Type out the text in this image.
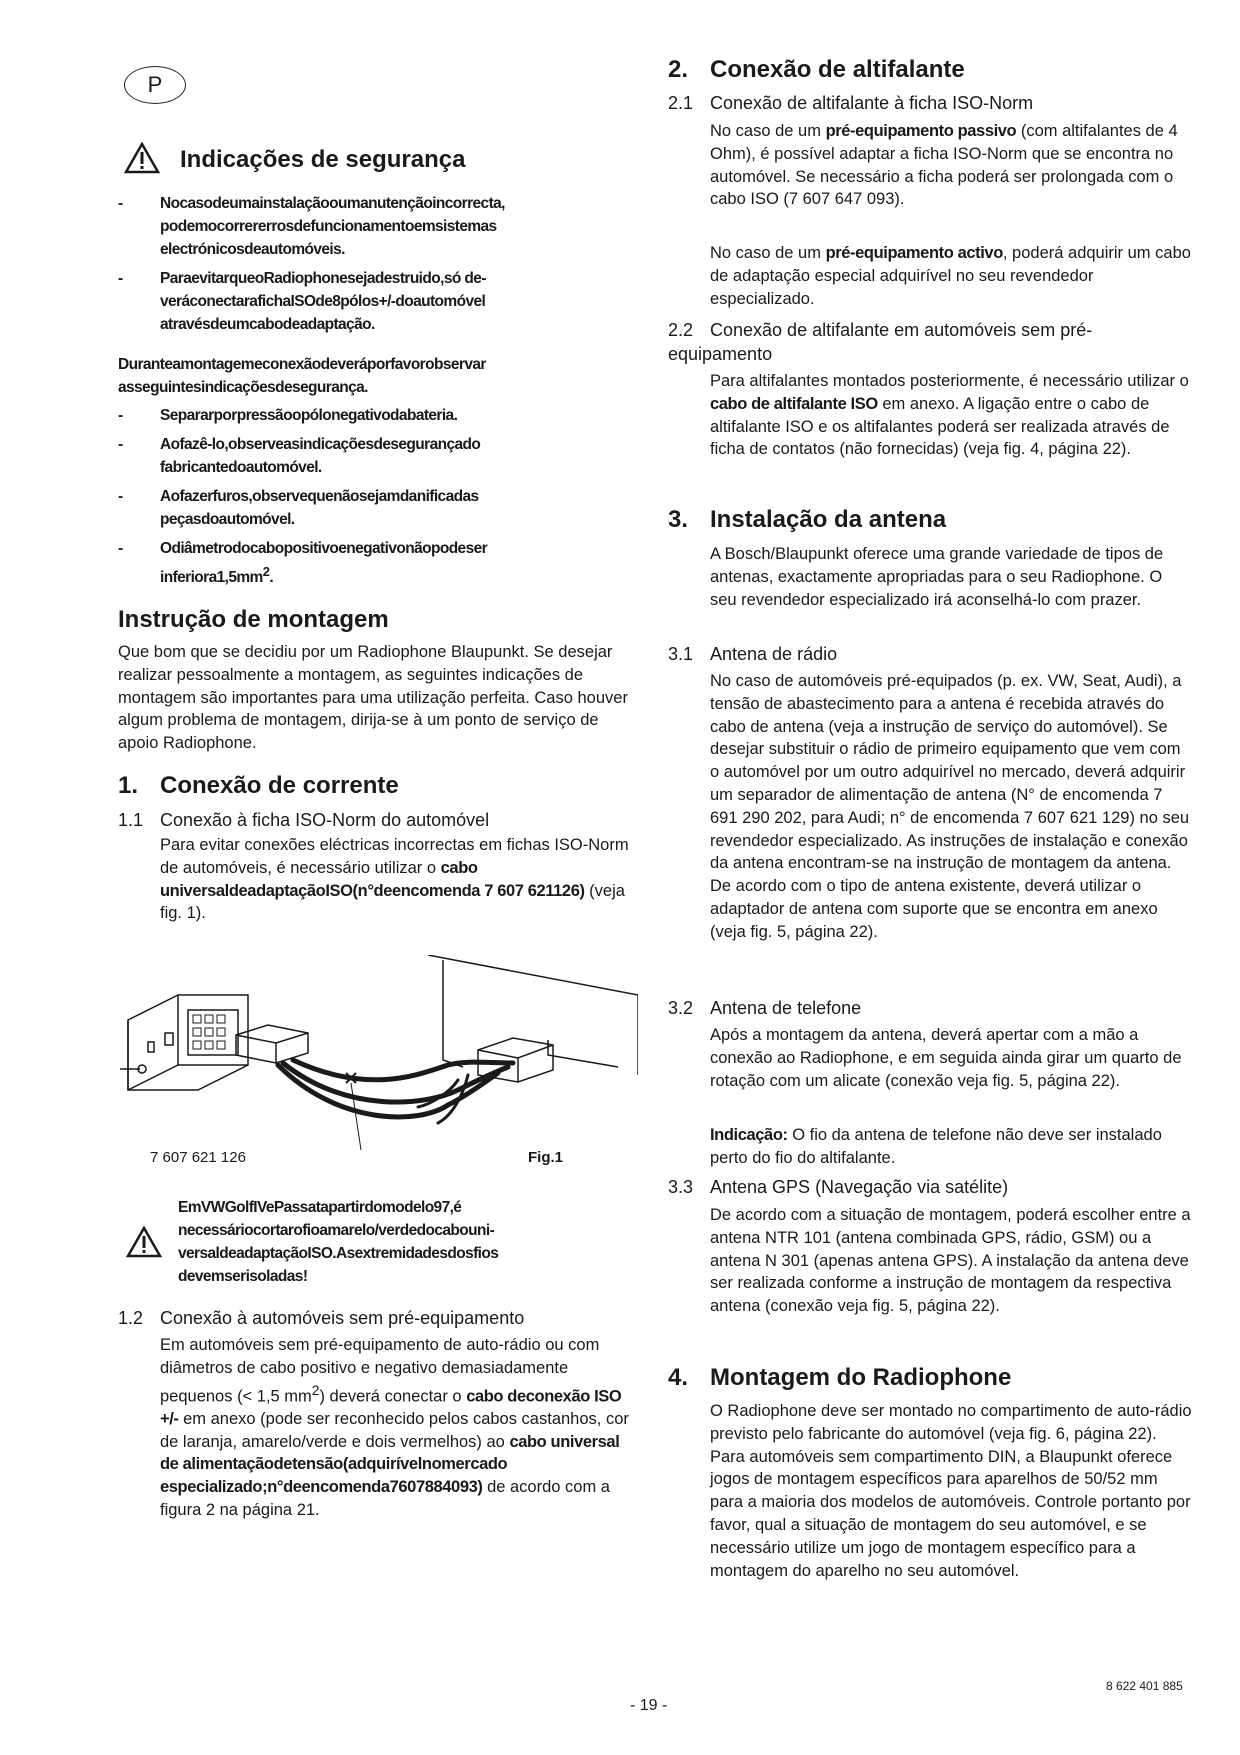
P
Indicações de segurança
- Nocasodeumainstalaçãooumanutençãoincorrecta, podemocorrererrosdefuncionamentoemsistemas electrónicosdeautomóveis.
- ParaevitarqueoRadiophonesejadestruido,só de- veráconectarafichaISOde8pólos+/-doautomóvel atravésdeumcabodeadaptação.
Duranteamontagemeconexãodeveráporfavorobservar asseguintesindicaçõesdesegurança.
- Separarporpressãoopólonegativodabateria.
- Aofazê-lo,observeasindicaçõesdesegurançado fabricantedoautomóvel.
- Aofazerfuros,observequenãosejamdanificadas peçasdoautomóvel.
- Odiâmetrodocabopositivoenegativonãopodeser $inferiora1,5mm^2$.
Instrução de montagem
Que bom que se decidiu por um Radiophone Blaupunkt. Se desejar realizar pessoalmente a montagem, as seguintes indicações de montagem são importantes para uma utilização perfeita. Caso houver algum problema de montagem, dirija-se à um ponto de serviço de apoio Radiophone.
1. Conexão de corrente
1.1 Conexão à ficha ISO-Norm do automóvel
Para evitar conexões eléctricas incorrectas em fichas ISO-Norm de automóveis, é necessário utilizar o cabo universaldeadaptaçãoISO(n°deencomenda 7 607 621126) (veja fig. 1).
7 607 621 126	Fig.1
EmVWGolfIVePassatapartirdomodelo97,é necessáriocortarofioamarelo/verdedocabouni- versaldeadaptaçãoISO.Asextremidadesdosfios devemserisoladas!
1.2 Conexão à automóveis sem pré-equipamento
Em automóveis sem pré-equipamento de auto-rádio ou com diâmetros de cabo positivo e negativo demasiadamente pequenos (< 1,5 $mm^2$) deverá conectar o cabo deconexão ISO +/- em anexo (pode ser reconhecido pelos cabos castanhos, cor de laranja, amarelo/verde e dois vermelhos) ao cabo universal de alimentaçãodetensão(adquirívelnomercado especializado;n°deencomenda7607884093) de acordo com a figura 2 na página 21.
2. Conexão de altifalante
2.1 Conexão de altifalante à ficha ISO-Norm
No caso de um pré-equipamento passivo (com altifalantes de 4 Ohm), é possível adaptar a ficha ISO-Norm que se encontra no automóvel. Se necessário a ficha poderá ser prolongada com o cabo ISO (7 607 647 093).
No caso de um pré-equipamento activo, poderá adquirir um cabo de adaptação especial adquirível no seu revendedor especializado.
2.2 Conexão de altifalante em automóveis sem pré-equipamento
Para altifalantes montados posteriormente, é necessário utilizar o cabo de altifalante ISO em anexo. A ligação entre o cabo de altifalante ISO e os altifalantes poderá ser realizada através de ficha de contatos (não fornecidas) (veja fig. 4, página 22).
3. Instalação da antena
A Bosch/Blaupunkt oferece uma grande variedade de tipos de antenas, exactamente apropriadas para o seu Radiophone. O seu revendedor especializado irá aconselhá-lo com prazer.
3.1 Antena de rádio
No caso de automóveis pré-equipados (p. ex. VW, Seat, Audi), a tensão de abastecimento para a antena é recebida através do cabo de antena (veja a instrução de serviço do automóvel). Se desejar substituir o rádio de primeiro equipamento que vem com o automóvel por um outro adquirível no mercado, deverá adquirir um separador de alimentação de antena (N° de encomenda 7 691 290 202, para Audi; n° de encomenda 7 607 621 129) no seu revendedor especializado. As instruções de instalação e conexão da antena encontram-se na instrução de montagem da antena. De acordo com o tipo de antena existente, deverá utilizar o adaptador de antena com suporte que se encontra em anexo (veja fig. 5, página 22).
3.2 Antena de telefone
Após a montagem da antena, deverá apertar com a mão a conexão ao Radiophone, e em seguida ainda girar um quarto de rotação com um alicate (conexão veja fig. 5, página 22).
Indicação: O fio da antena de telefone não deve ser instalado perto do fio do altifalante.
3.3 Antena GPS (Navegação via satélite)
De acordo com a situação de montagem, poderá escolher entre a antena NTR 101 (antena combinada GPS, rádio, GSM) ou a antena N 301 (apenas antena GPS). A instalação da antena deve ser realizada conforme a instrução de montagem da respectiva antena (conexão veja fig. 5, página 22).
4. Montagem do Radiophone
O Radiophone deve ser montado no compartimento de auto-rádio previsto pelo fabricante do automóvel (veja fig. 6, página 22). Para automóveis sem compartimento DIN, a Blaupunkt oferece jogos de montagem específicos para aparelhos de 50/52 mm para a maioria dos modelos de automóveis. Controle portanto por favor, qual a situação de montagem do seu automóvel, e se necessário utilize um jogo de montagem específico para a montagem do aparelho no seu automóvel.
8 622 401 885
- 19 -
